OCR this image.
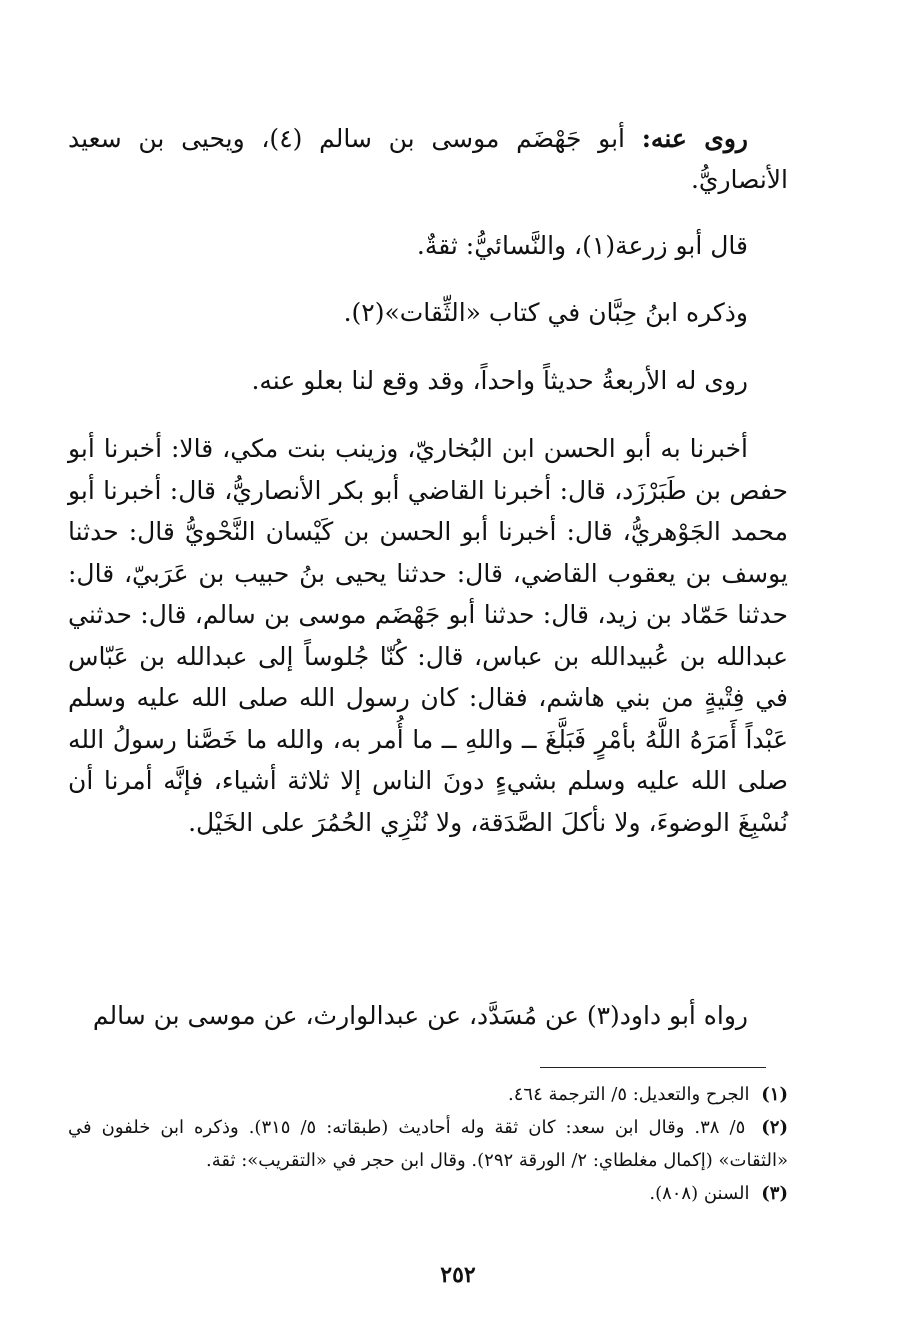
روى عنه: أبو جَهْضَم موسى بن سالم (٤)، ويحيى بن سعيد الأنصاريُّ.

قال أبو زرعة(١)، والنَّسائيُّ: ثقةٌ.

وذكره ابنُ حِبَّان في كتاب «الثِّقات»(٢).

روى له الأربعةُ حديثاً واحداً، وقد وقع لنا بعلو عنه.

أخبرنا به أبو الحسن ابن البُخاريّ، وزينب بنت مكي، قالا: أخبرنا أبو حفص بن طَبَرْزَد، قال: أخبرنا القاضي أبو بكر الأنصاريُّ، قال: أخبرنا أبو محمد الجَوْهريُّ، قال: أخبرنا أبو الحسن بن كَيْسان النَّحْويُّ قال: حدثنا يوسف بن يعقوب القاضي، قال: حدثنا يحيى بنُ حبيب بن عَرَبيّ، قال: حدثنا حَمّاد بن زيد، قال: حدثنا أبو جَهْضَم موسى بن سالم، قال: حدثني عبدالله بن عُبيدالله بن عباس، قال: كُنّا جُلوساً إلى عبدالله بن عَبّاس في فِتْيةٍ من بني هاشم، فقال: كان رسول الله صلى الله عليه وسلم عَبْداً أَمَرَهُ اللَّهُ بأمْرٍ فَبَلَّغَ ــ واللهِ ــ ما أُمر به، والله ما خَصَّنا رسولُ الله صلى الله عليه وسلم بشيءٍ دونَ الناس إلا ثلاثة أشياء، فإنَّه أمرنا أن نُسْبِغَ الوضوءَ، ولا نأكلَ الصَّدَقة، ولا نُنْزِي الحُمُرَ على الخَيْل.

رواه أبو داود(٣) عن مُسَدَّد، عن عبدالوارث، عن موسى بن سالم

(١) الجرح والتعديل: ٥/ الترجمة ٤٦٤.

(٢) ٥/ ٣٨. وقال ابن سعد: كان ثقة وله أحاديث (طبقاته: ٥/ ٣١٥). وذكره ابن خلفون في «الثقات» (إكمال مغلطاي: ٢/ الورقة ٢٩٢). وقال ابن حجر في «التقريب»: ثقة.

(٣) السنن (٨٠٨).

٢٥٢
